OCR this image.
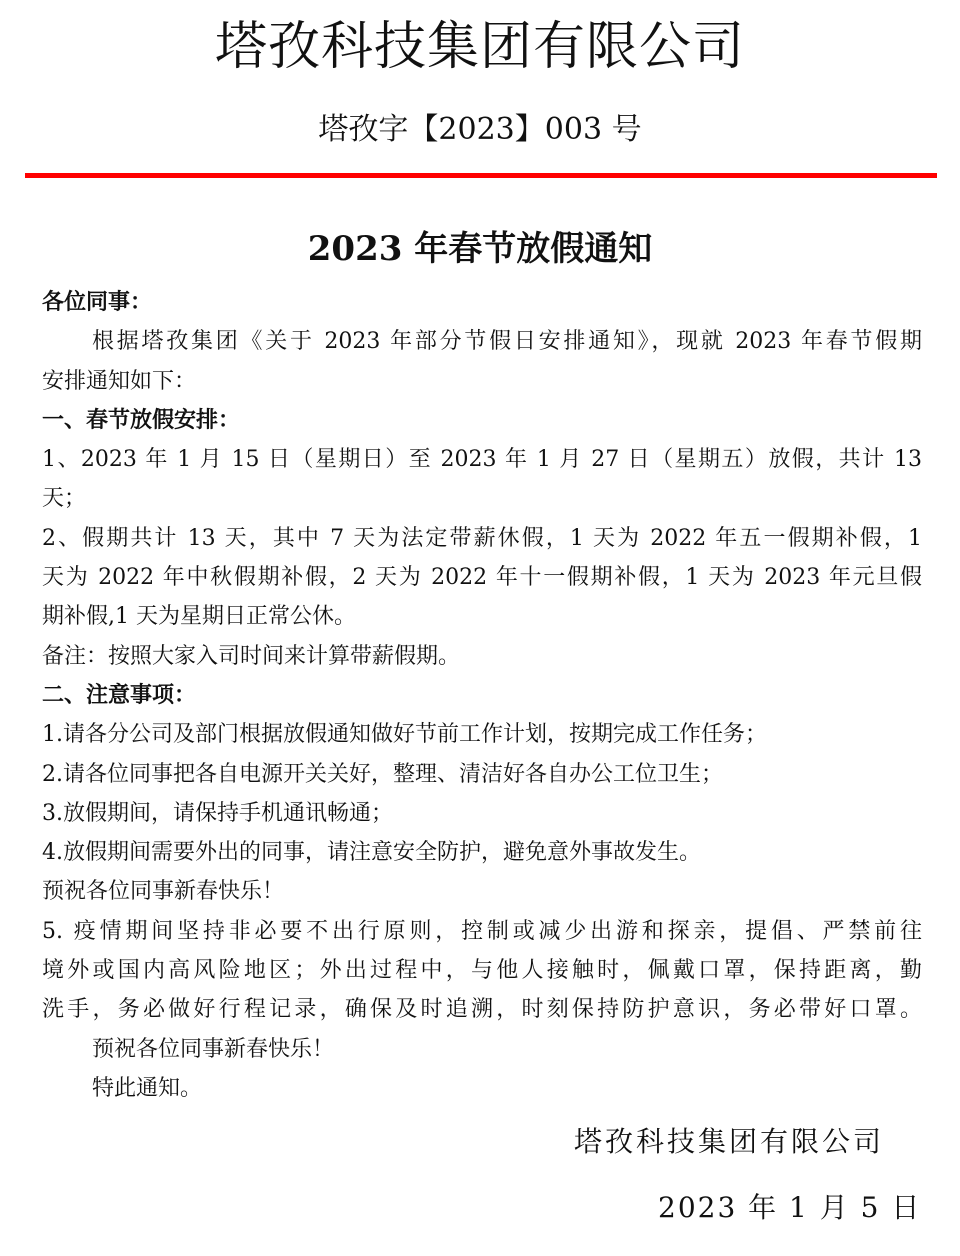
塔孜科技集团有限公司
塔孜字【2023】003 号
2023 年春节放假通知
各位同事：
根据塔孜集团《关于 2023 年部分节假日安排通知》，现就 2023 年春节假期
安排通知如下：
一、春节放假安排：
1、2023 年 1 月 15 日（星期日）至 2023 年 1 月 27 日（星期五）放假，共计 13
天；
2、假期共计 13 天，其中 7 天为法定带薪休假，1 天为 2022 年五一假期补假，1
天为 2022 年中秋假期补假，2 天为 2022 年十一假期补假，1 天为 2023 年元旦假
期补假,1 天为星期日正常公休。
备注：按照大家入司时间来计算带薪假期。
二、注意事项：
1.请各分公司及部门根据放假通知做好节前工作计划，按期完成工作任务；
2.请各位同事把各自电源开关关好，整理、清洁好各自办公工位卫生；
3.放假期间，请保持手机通讯畅通；
4.放假期间需要外出的同事，请注意安全防护，避免意外事故发生。
预祝各位同事新春快乐！
5. 疫情期间坚持非必要不出行原则，控制或减少出游和探亲，提倡、严禁前往
境外或国内高风险地区；外出过程中，与他人接触时，佩戴口罩，保持距离，勤
洗手，务必做好行程记录，确保及时追溯，时刻保持防护意识，务必带好口罩。
预祝各位同事新春快乐！
特此通知。
塔孜科技集团有限公司
2023 年 1 月 5 日
